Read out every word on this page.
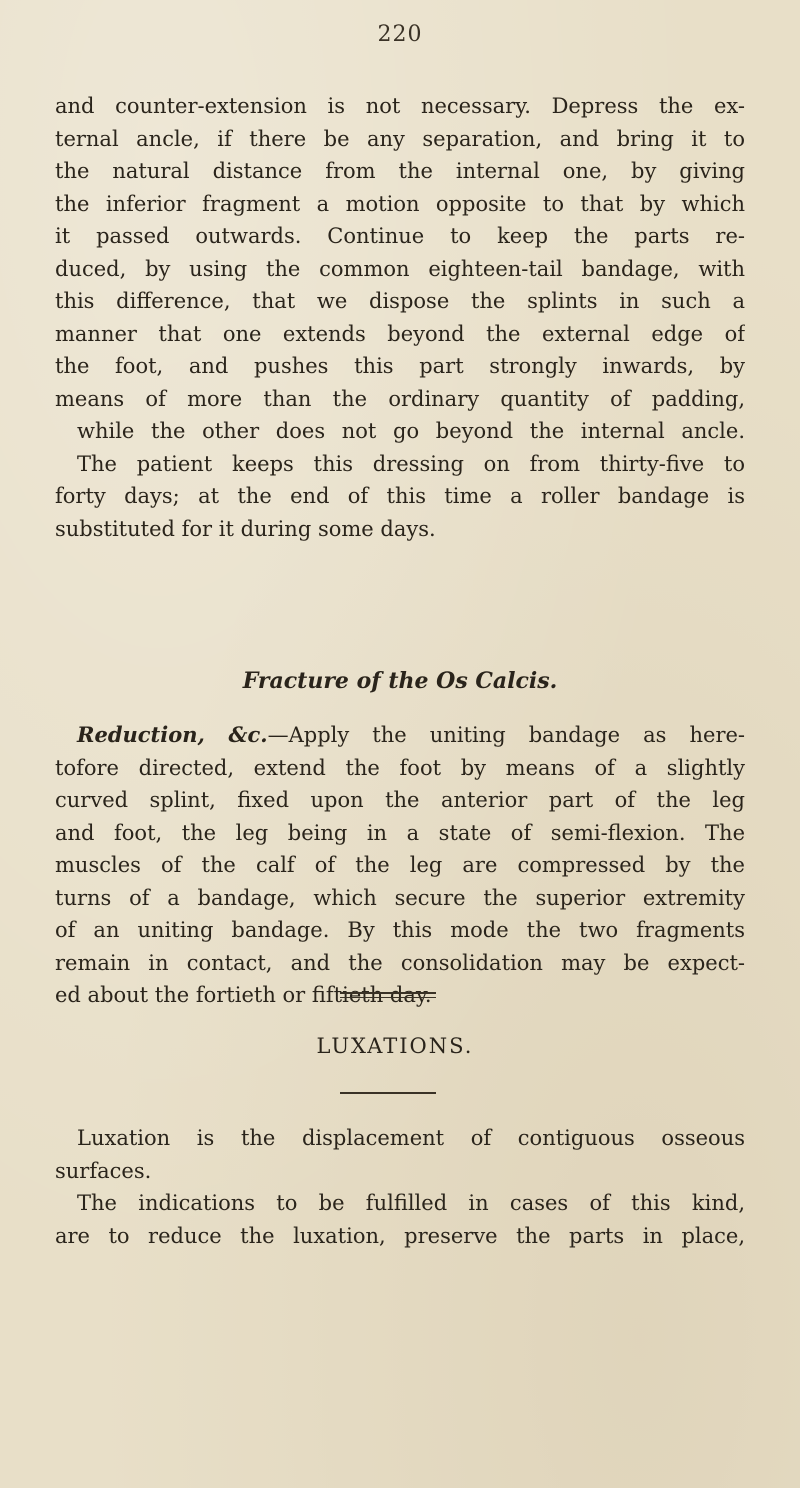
220
and counter-extension is not necessary. Depress the ex-
ternal ancle, if there be any separation, and bring it to
the natural distance from the internal one, by giving
the inferior fragment a motion opposite to that by which
it passed outwards. Continue to keep the parts re-
duced, by using the common eighteen-tail bandage, with
this difference, that we dispose the splints in such a
manner that one extends beyond the external edge of
the foot, and pushes this part strongly inwards, by
means of more than the ordinary quantity of padding,
while the other does not go beyond the internal ancle.
The patient keeps this dressing on from thirty-five to
forty days; at the end of this time a roller bandage is
substituted for it during some days.
Fracture of the Os Calcis.
Reduction, &c.—Apply the uniting bandage as here-
tofore directed, extend the foot by means of a slightly
curved splint, fixed upon the anterior part of the leg
and foot, the leg being in a state of semi-flexion. The
muscles of the calf of the leg are compressed by the
turns of a bandage, which secure the superior extremity
of an uniting bandage. By this mode the two fragments
remain in contact, and the consolidation may be expect-
ed about the fortieth or fiftieth day.
LUXATIONS.
Luxation is the displacement of contiguous osseous
surfaces.
The indications to be fulfilled in cases of this kind,
are to reduce the luxation, preserve the parts in place,
